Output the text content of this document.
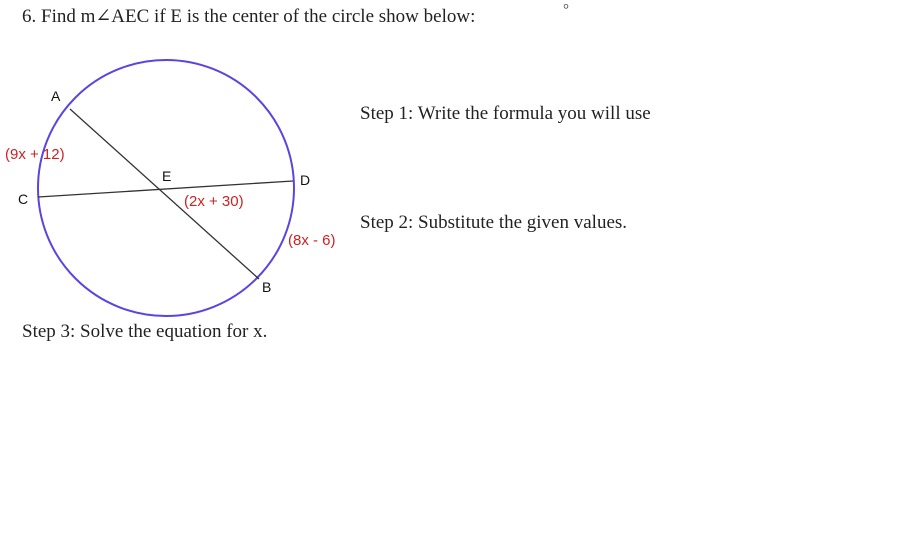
6. Find m∠AEC if E is the center of the circle show below:	°
A
C
E	D
B
(9x + 12)
(2x + 30)
(8x - 6)
Step 1: Write the formula you will use
Step 2: Substitute the given values.
Step 3: Solve the equation for x.
